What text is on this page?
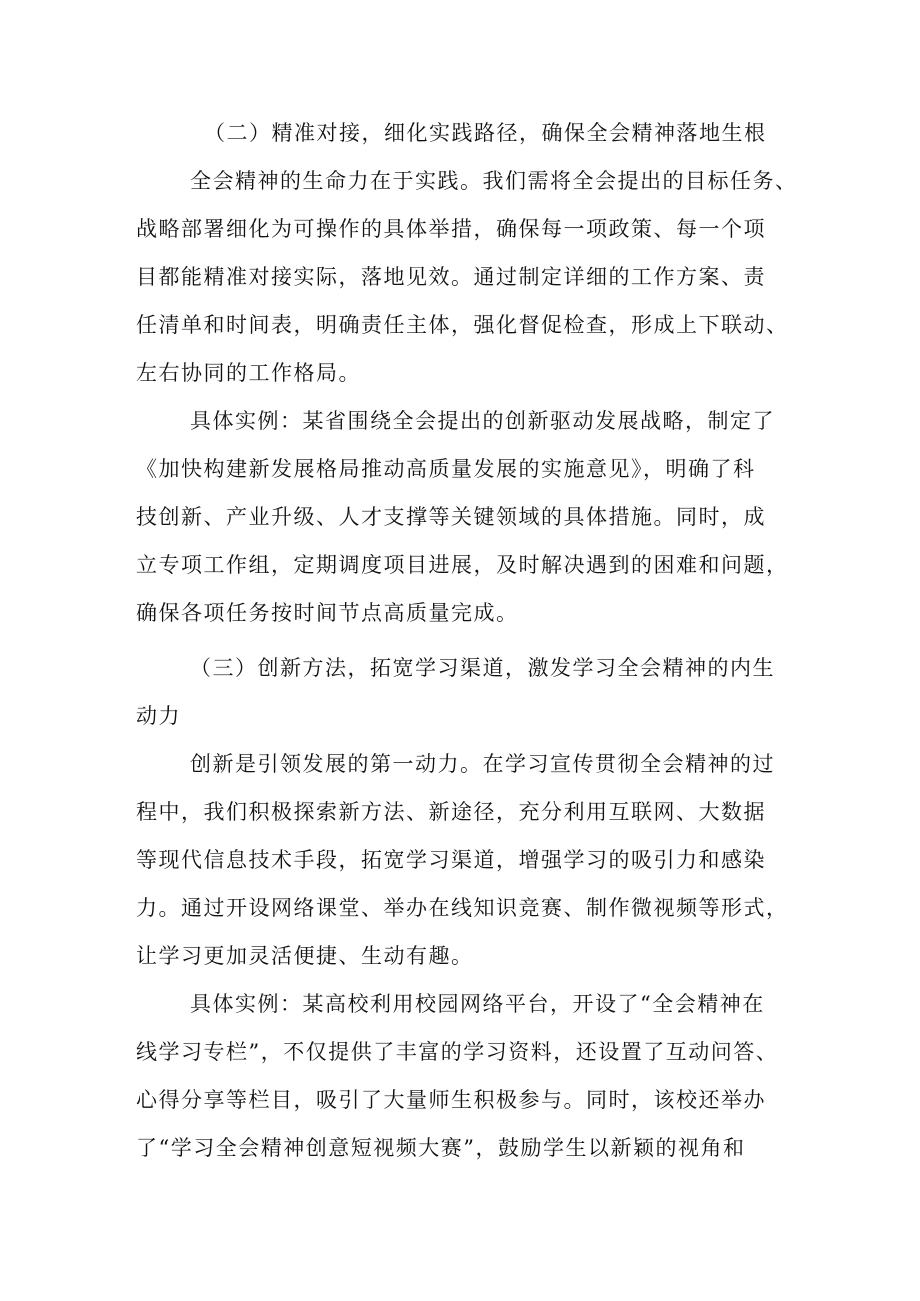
（二）精准对接，细化实践路径，确保全会精神落地生根
全会精神的生命力在于实践。我们需将全会提出的目标任务、
战略部署细化为可操作的具体举措，确保每一项政策、每一个项
目都能精准对接实际，落地见效。通过制定详细的工作方案、责
任清单和时间表，明确责任主体，强化督促检查，形成上下联动、
左右协同的工作格局。
具体实例：某省围绕全会提出的创新驱动发展战略，制定了
《加快构建新发展格局推动高质量发展的实施意见》，明确了科
技创新、产业升级、人才支撑等关键领域的具体措施。同时，成
立专项工作组，定期调度项目进展，及时解决遇到的困难和问题，
确保各项任务按时间节点高质量完成。
（三）创新方法，拓宽学习渠道，激发学习全会精神的内生
动力
创新是引领发展的第一动力。在学习宣传贯彻全会精神的过
程中，我们积极探索新方法、新途径，充分利用互联网、大数据
等现代信息技术手段，拓宽学习渠道，增强学习的吸引力和感染
力。通过开设网络课堂、举办在线知识竞赛、制作微视频等形式，
让学习更加灵活便捷、生动有趣。
具体实例：某高校利用校园网络平台，开设了“全会精神在
线学习专栏”，不仅提供了丰富的学习资料，还设置了互动问答、
心得分享等栏目，吸引了大量师生积极参与。同时，该校还举办
了“学习全会精神创意短视频大赛”，鼓励学生以新颖的视角和
